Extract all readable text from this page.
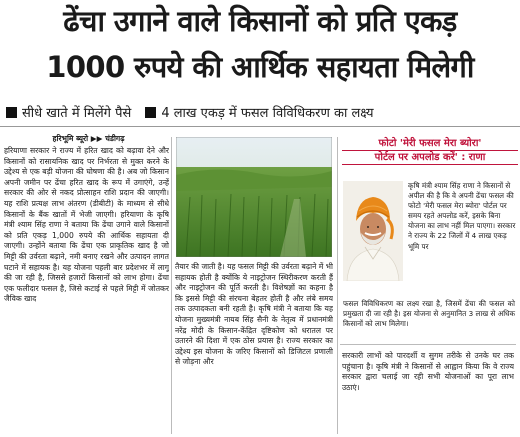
ढेंचा उगाने वाले किसानों को प्रति एकड़
1000 रुपये की आर्थिक सहायता मिलेगी
सीधे खाते में मिलेंगे पैसे 4 लाख एकड़ में फसल विविधिकरण का लक्ष्य
हरिभूमि ब्यूरो ▶▶ चंडीगढ़
हरियाणा सरकार ने राज्य में हरित खाद को बढ़ावा देने और किसानों को रासायनिक खाद पर निर्भरता से मुक्त करने के उद्देश्य से एक बड़ी योजना की घोषणा की है। अब जो किसान अपनी जमीन पर ढेंचा हरित खाद के रूप में उगाएंगे, उन्हें सरकार की ओर से नकद प्रोत्साहन राशि प्रदान की जाएगी। यह राशि प्रत्यक्ष लाभ अंतरण (डीबीटी) के माध्यम से सीधे किसानों के बैंक खातों में भेजी जाएगी। हरियाणा के कृषि मंत्री श्याम सिंह राणा ने बताया कि ढेंचा उगाने वाले किसानों को प्रति एकड़ 1,000 रुपये की आर्थिक सहायता दी जाएगी। उन्होंने बताया कि ढेंचा एक प्राकृतिक खाद है जो मिट्टी की उर्वरता बढ़ाने, नमी बनाए रखने और उत्पादन लागत घटाने में सहायक है। यह योजना पहली बार प्रदेशभर में लागू की जा रही है, जिससे हजारों किसानों को लाभ होगा। ढेंचा एक फलीदार फसल है, जिसे कटाई से पहले मिट्टी में जोतकर जैविक खाद
तैयार की जाती है। यह फसल मिट्टी की उर्वरता बढ़ाने में भी सहायक होती है क्योंकि ये नाइट्रोजन स्थिरीकरण करती हैं और नाइट्रोजन की पूर्ति करती है। विशेषज्ञों का कहना है कि इससे मिट्टी की संरचना बेहतर होती है और लंबे समय तक उत्पादकता बनी रहती है। कृषि मंत्री ने बताया कि यह योजना मुख्यमंत्री नायब सिंह सैनी के नेतृत्व में प्रधानमंत्री नरेंद्र मोदी के किसान-केंद्रित दृष्टिकोण को धरातल पर उतारने की दिशा में एक ठोस प्रयास है। राज्य सरकार का उद्देश्य इस योजना के जरिए किसानों को डिजिटल प्रणाली से जोड़ना और
फोटो 'मेरी फसल मेरा ब्योरा'
पोर्टल पर अपलोड करें' : राणा
कृषि मंत्री श्याम सिंह राणा ने किसानों से अपील की है कि वे अपनी ढेंचा फसल की फोटो 'मेरी फसल मेरा ब्योरा' पोर्टल पर समय रहते अपलोड करें, इसके बिना योजना का लाभ नहीं मिल पाएगा। सरकार ने राज्य के 22 जिलों में 4 लाख एकड़ भूमि पर
फसल विविधिकरण का लक्ष्य रखा है, जिसमें ढेंचा की फसल को प्रमुखता दी जा रही है। इस योजना से अनुमानित 3 लाख से अधिक किसानों को लाभ मिलेगा।
सरकारी लाभों को पारदर्शी व सुगम तरीके से उनके घर तक पहुंचाना है। कृषि मंत्री ने किसानों से आह्वान किया कि वे राज्य सरकार द्वारा चलाई जा रही सभी योजनाओं का पूरा लाभ उठाएं।
